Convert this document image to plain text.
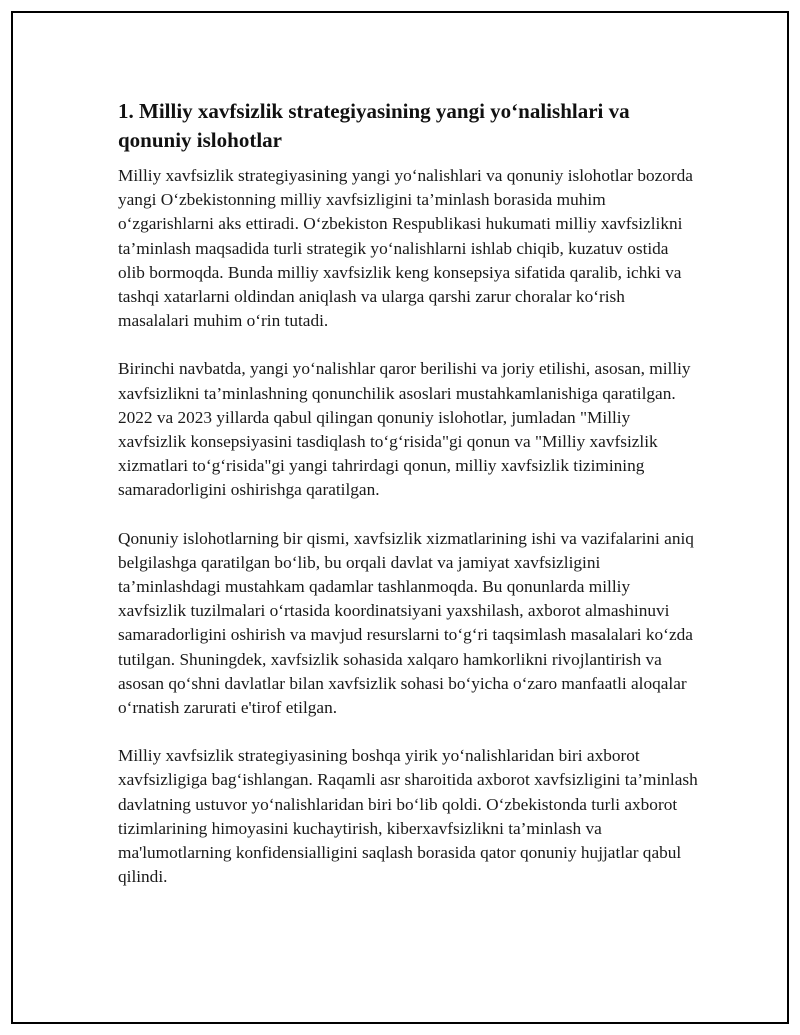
1. Milliy xavfsizlik strategiyasining yangi yo‘nalishlari va qonuniy islohotlar

Milliy xavfsizlik strategiyasining yangi yo‘nalishlari va qonuniy islohotlar bozorda yangi O‘zbekistonning milliy xavfsizligini ta’minlash borasida muhim o‘zgarishlarni aks ettiradi. O‘zbekiston Respublikasi hukumati milliy xavfsizlikni ta’minlash maqsadida turli strategik yo‘nalishlarni ishlab chiqib, kuzatuv ostida olib bormoqda. Bunda milliy xavfsizlik keng konsepsiya sifatida qaralib, ichki va tashqi xatarlarni oldindan aniqlash va ularga qarshi zarur choralar ko‘rish masalalari muhim o‘rin tutadi.

Birinchi navbatda, yangi yo‘nalishlar qaror berilishi va joriy etilishi, asosan, milliy xavfsizlikni ta’minlashning qonunchilik asoslari mustahkamlanishiga qaratilgan. 2022 va 2023 yillarda qabul qilingan qonuniy islohotlar, jumladan "Milliy xavfsizlik konsepsiyasini tasdiqlash to‘g‘risida"gi qonun va "Milliy xavfsizlik xizmatlari to‘g‘risida"gi yangi tahrirdagi qonun, milliy xavfsizlik tizimining samaradorligini oshirishga qaratilgan.

Qonuniy islohotlarning bir qismi, xavfsizlik xizmatlarining ishi va vazifalarini aniq belgilashga qaratilgan bo‘lib, bu orqali davlat va jamiyat xavfsizligini ta’minlashdagi mustahkam qadamlar tashlanmoqda. Bu qonunlarda milliy xavfsizlik tuzilmalari o‘rtasida koordinatsiyani yaxshilash, axborot almashinuvi samaradorligini oshirish va mavjud resurslarni to‘g‘ri taqsimlash masalalari ko‘zda tutilgan. Shuningdek, xavfsizlik sohasida xalqaro hamkorlikni rivojlantirish va asosan qo‘shni davlatlar bilan xavfsizlik sohasi bo‘yicha o‘zaro manfaatli aloqalar o‘rnatish zarurati e'tirof etilgan.

Milliy xavfsizlik strategiyasining boshqa yirik yo‘nalishlaridan biri axborot xavfsizligiga bag‘ishlangan. Raqamli asr sharoitida axborot xavfsizligini ta’minlash davlatning ustuvor yo‘nalishlaridan biri bo‘lib qoldi. O‘zbekistonda turli axborot tizimlarining himoyasini kuchaytirish, kiberxavfsizlikni ta’minlash va ma'lumotlarning konfidensialligini saqlash borasida qator qonuniy hujjatlar qabul qilindi.
